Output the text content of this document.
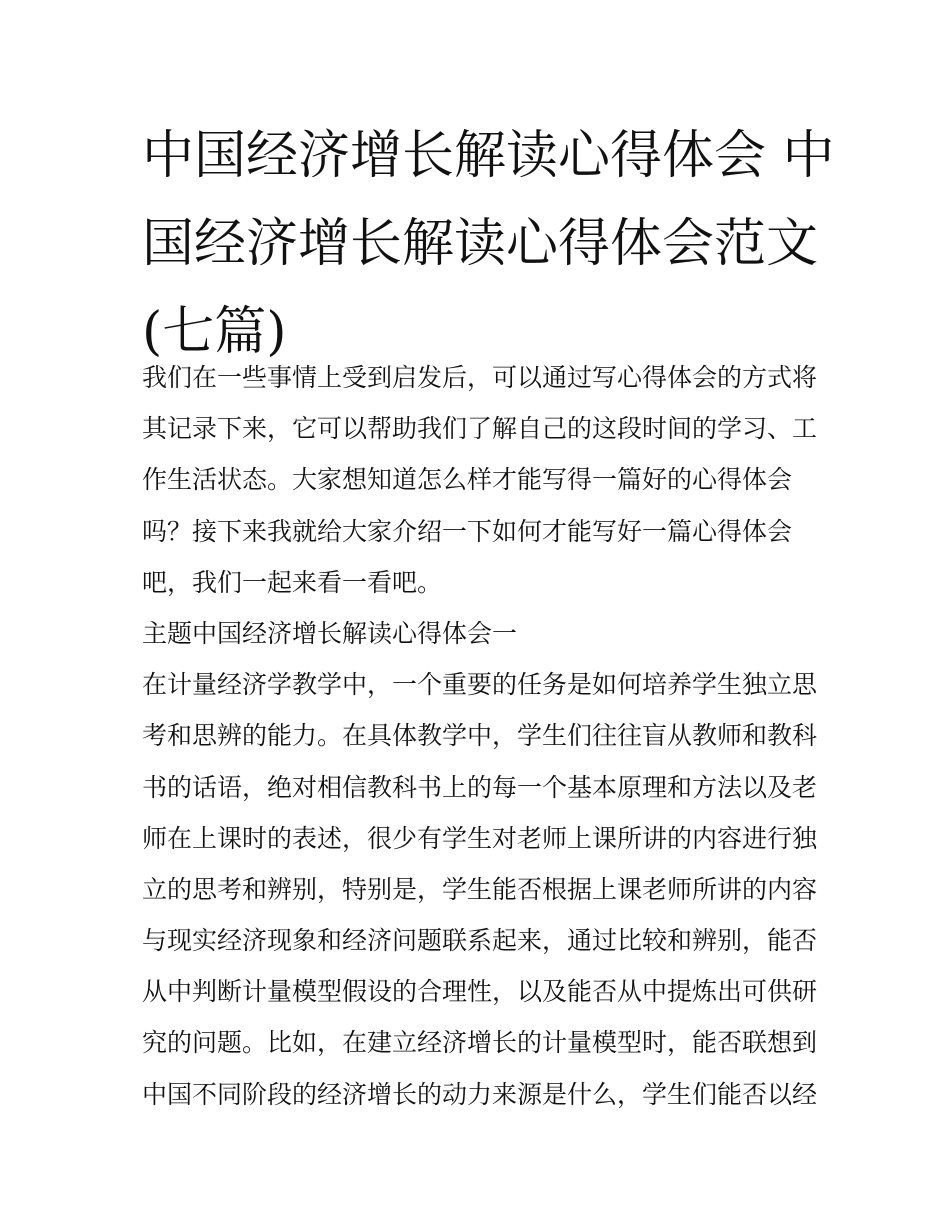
中国经济增长解读心得体会 中
国经济增长解读心得体会范文
(七篇)
我们在一些事情上受到启发后，可以通过写心得体会的方式将
其记录下来，它可以帮助我们了解自己的这段时间的学习、工
作生活状态。大家想知道怎么样才能写得一篇好的心得体会
吗？接下来我就给大家介绍一下如何才能写好一篇心得体会
吧，我们一起来看一看吧。
主题中国经济增长解读心得体会一
在计量经济学教学中，一个重要的任务是如何培养学生独立思
考和思辨的能力。在具体教学中，学生们往往盲从教师和教科
书的话语，绝对相信教科书上的每一个基本原理和方法以及老
师在上课时的表述，很少有学生对老师上课所讲的内容进行独
立的思考和辨别，特别是，学生能否根据上课老师所讲的内容
与现实经济现象和经济问题联系起来，通过比较和辨别，能否
从中判断计量模型假设的合理性，以及能否从中提炼出可供研
究的问题。比如，在建立经济增长的计量模型时，能否联想到
中国不同阶段的经济增长的动力来源是什么，学生们能否以经
